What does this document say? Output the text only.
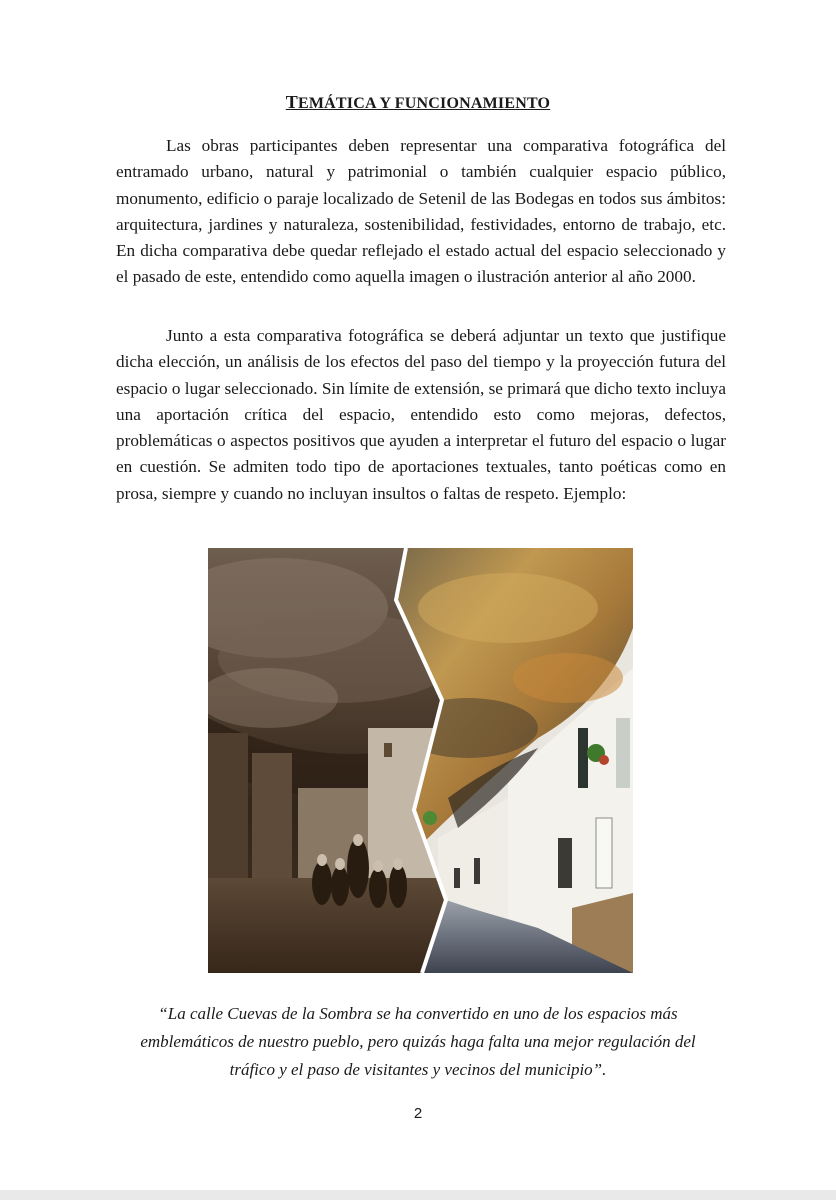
TEMÁTICA Y FUNCIONAMIENTO

Las obras participantes deben representar una comparativa fotográfica del entramado urbano, natural y patrimonial o también cualquier espacio público, monumento, edificio o paraje localizado de Setenil de las Bodegas en todos sus ámbitos: arquitectura, jardines y naturaleza, sostenibilidad, festividades, entorno de trabajo, etc. En dicha comparativa debe quedar reflejado el estado actual del espacio seleccionado y el pasado de este, entendido como aquella imagen o ilustración anterior al año 2000.

Junto a esta comparativa fotográfica se deberá adjuntar un texto que justifique dicha elección, un análisis de los efectos del paso del tiempo y la proyección futura del espacio o lugar seleccionado. Sin límite de extensión, se primará que dicho texto incluya una aportación crítica del espacio, entendido esto como mejoras, defectos, problemáticas o aspectos positivos que ayuden a interpretar el futuro del espacio o lugar en cuestión. Se admiten todo tipo de aportaciones textuales, tanto poéticas como en prosa, siempre y cuando no incluyan insultos o faltas de respeto. Ejemplo:

“La calle Cuevas de la Sombra se ha convertido en uno de los espacios más emblemáticos de nuestro pueblo, pero quizás haga falta una mejor regulación del tráfico y el paso de visitantes y vecinos del municipio”.

2
